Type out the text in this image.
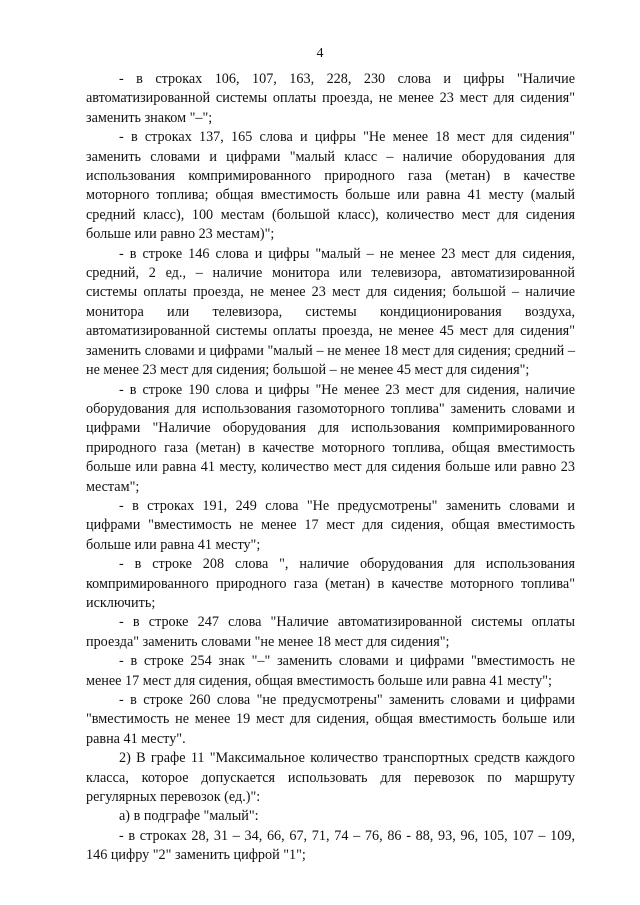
4

- в строках 106, 107, 163, 228, 230 слова и цифры "Наличие автоматизированной системы оплаты проезда, не менее 23 мест для сидения" заменить знаком "–";

- в строках 137, 165 слова и цифры "Не менее 18 мест для сидения" заменить словами и цифрами "малый класс – наличие оборудования для использования компримированного природного газа (метан) в качестве моторного топлива; общая вместимость больше или равна 41 месту (малый средний класс), 100 местам (большой класс), количество мест для сидения больше или равно 23 местам)";

- в строке 146 слова и цифры "малый – не менее 23 мест для сидения, средний, 2 ед., – наличие монитора или телевизора, автоматизированной системы оплаты проезда, не менее 23 мест для сидения; большой – наличие монитора или телевизора, системы кондиционирования воздуха, автоматизированной системы оплаты проезда, не менее 45 мест для сидения" заменить словами и цифрами "малый – не менее 18 мест для сидения; средний – не менее 23 мест для сидения; большой – не менее 45 мест для сидения";

- в строке 190 слова и цифры "Не менее 23 мест для сидения, наличие оборудования для использования газомоторного топлива" заменить словами и цифрами "Наличие оборудования для использования компримированного природного газа (метан) в качестве моторного топлива, общая вместимость больше или равна 41 месту, количество мест для сидения больше или равно 23 местам";

- в строках 191, 249 слова "Не предусмотрены" заменить словами и цифрами "вместимость не менее 17 мест для сидения, общая вместимость больше или равна 41 месту";

- в строке 208 слова ", наличие оборудования для использования компримированного природного газа (метан) в качестве моторного топлива" исключить;

- в строке 247 слова "Наличие автоматизированной системы оплаты проезда" заменить словами "не менее 18 мест для сидения";

- в строке 254 знак "–" заменить словами и цифрами "вместимость не менее 17 мест для сидения, общая вместимость больше или равна 41 месту";

- в строке 260 слова "не предусмотрены" заменить словами и цифрами "вместимость не менее 19 мест для сидения, общая вместимость больше или равна 41 месту".

2) В графе 11 "Максимальное количество транспортных средств каждого класса, которое допускается использовать для перевозок по маршруту регулярных перевозок (ед.)":

а) в подграфе "малый":

- в строках 28, 31 – 34, 66, 67, 71, 74 – 76, 86 - 88, 93, 96, 105, 107 – 109, 146 цифру "2" заменить цифрой "1";
